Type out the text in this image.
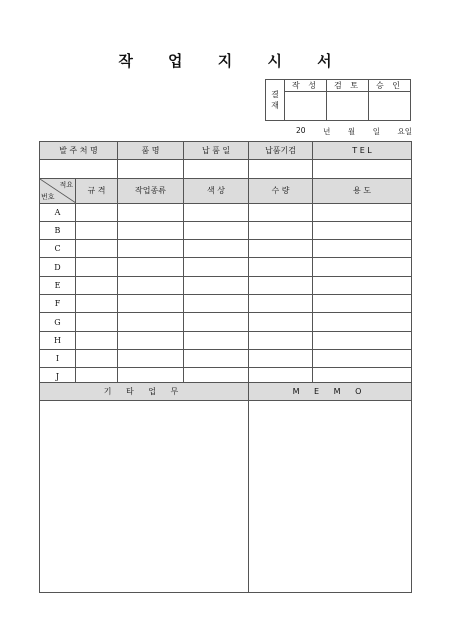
작 업 지 시 서
결
재	작 성	검 토	승 인

20 년 월 일 요일
발 주 처 명		품 명	납 품 일	납품기검	T E L

적요
번호	규 격	작업종류	색 상	수 량	용 도
A					
B					
C					
D					
E					
F					
G					
H					
I					
J					
기 타 업 무	M E M O
